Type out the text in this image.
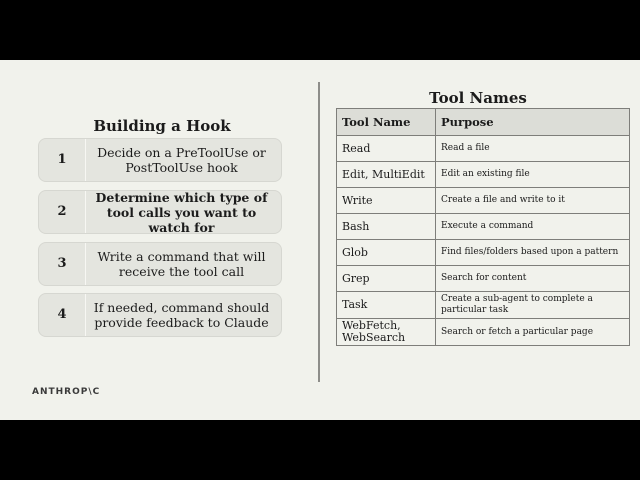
Building a Hook
1	Decide on a PreToolUse or PostToolUse hook
2
Determine which type of tool calls you want to watch for
3	Write a command that will receive the tool call
4	If needed, command should provide feedback to Claude
ANTHROP\C
Tool Names
Tool Name	Purpose
Read	Read a file
Edit, MultiEdit	Edit an existing file
Write	Create a file and write to it
Bash	Execute a command
Glob	Find files/folders based upon a pattern
Grep	Search for content
Task	Create a sub-agent to complete a particular task
WebFetch, WebSearch	Search or fetch a particular page
